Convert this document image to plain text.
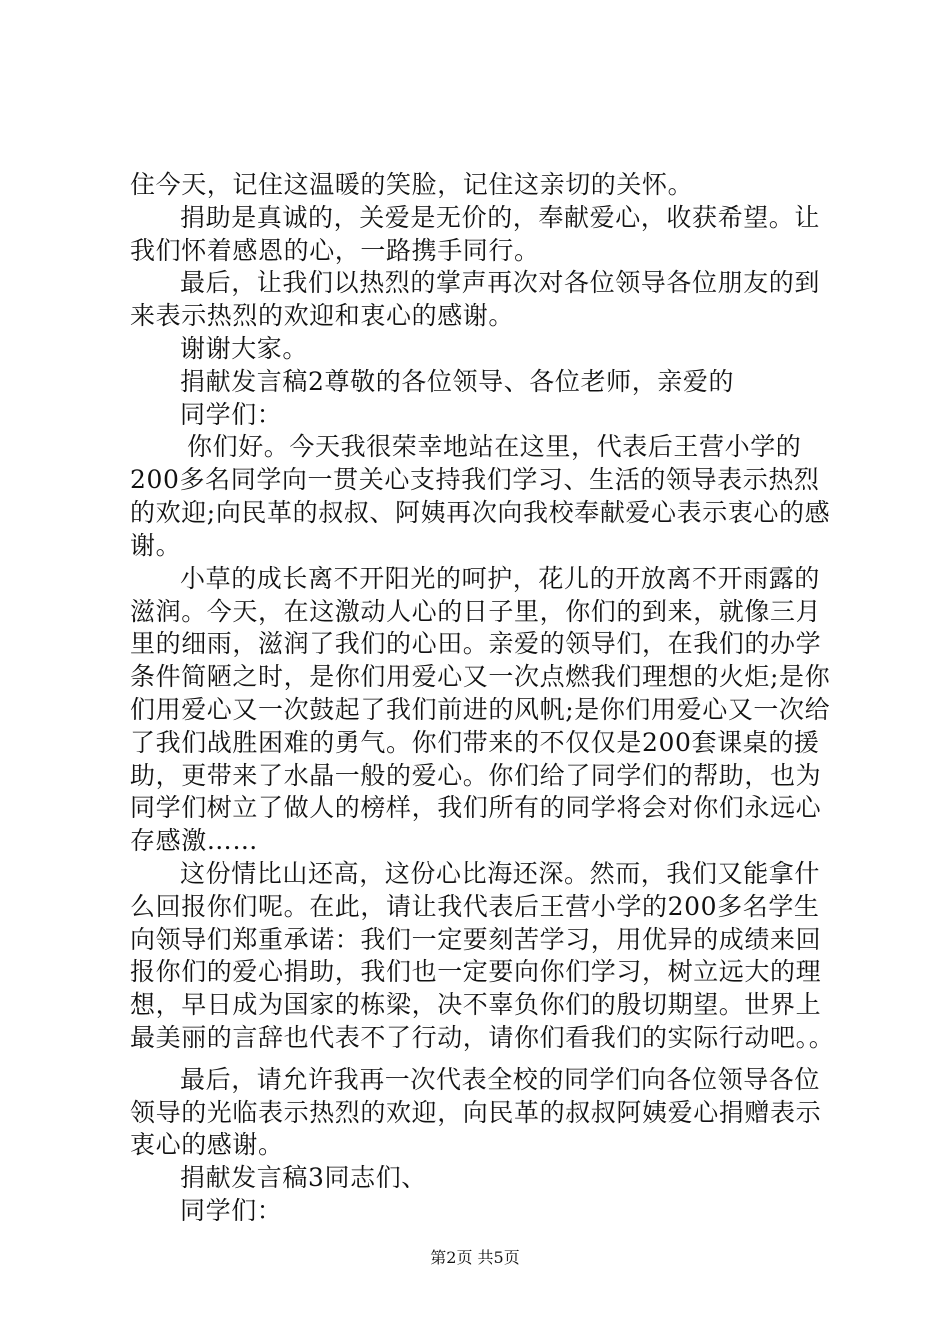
住今天，记住这温暖的笑脸，记住这亲切的关怀。
捐助是真诚的，关爱是无价的，奉献爱心，收获希望。让
我们怀着感恩的心，一路携手同行。
最后，让我们以热烈的掌声再次对各位领导各位朋友的到
来表示热烈的欢迎和衷心的感谢。
谢谢大家。
捐献发言稿2尊敬的各位领导、各位老师，亲爱的
同学们：
你们好。今天我很荣幸地站在这里，代表后王营小学的
200多名同学向一贯关心支持我们学习、生活的领导表示热烈
的欢迎;向民革的叔叔、阿姨再次向我校奉献爱心表示衷心的感
谢。
小草的成长离不开阳光的呵护，花儿的开放离不开雨露的
滋润。今天，在这激动人心的日子里，你们的到来，就像三月
里的细雨，滋润了我们的心田。亲爱的领导们，在我们的办学
条件简陋之时，是你们用爱心又一次点燃我们理想的火炬;是你
们用爱心又一次鼓起了我们前进的风帆;是你们用爱心又一次给
了我们战胜困难的勇气。你们带来的不仅仅是200套课桌的援
助，更带来了水晶一般的爱心。你们给了同学们的帮助，也为
同学们树立了做人的榜样，我们所有的同学将会对你们永远心
存感激……
这份情比山还高，这份心比海还深。然而，我们又能拿什
么回报你们呢。在此，请让我代表后王营小学的200多名学生
向领导们郑重承诺：我们一定要刻苦学习，用优异的成绩来回
报你们的爱心捐助，我们也一定要向你们学习，树立远大的理
想，早日成为国家的栋梁，决不辜负你们的殷切期望。世界上
最美丽的言辞也代表不了行动，请你们看我们的实际行动吧。。
最后，请允许我再一次代表全校的同学们向各位领导各位
领导的光临表示热烈的欢迎，向民革的叔叔阿姨爱心捐赠表示
衷心的感谢。
捐献发言稿3同志们、
同学们：
第2页 共5页
